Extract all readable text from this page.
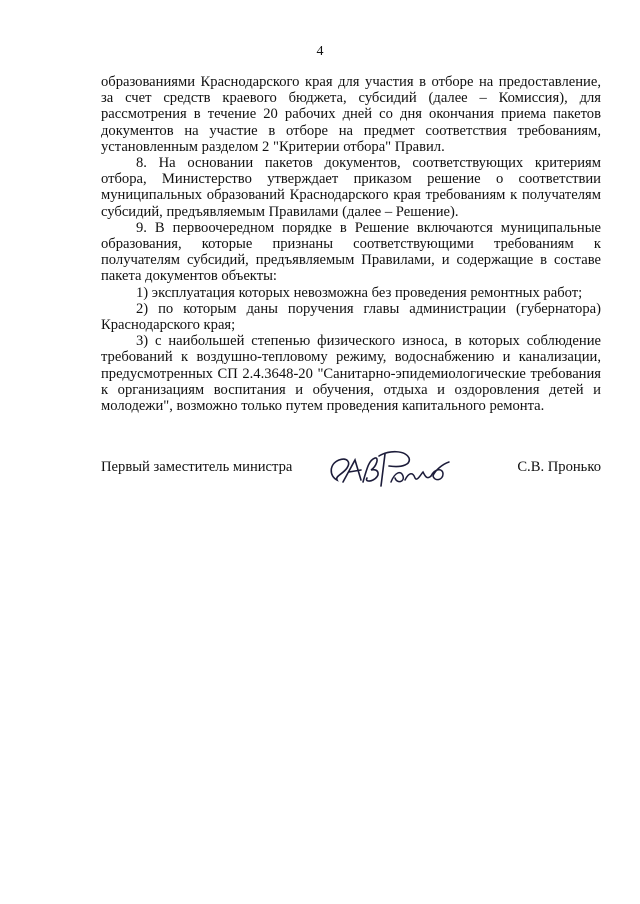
4

образованиями Краснодарского края для участия в отборе на предоставление, за счет средств краевого бюджета, субсидий (далее – Комиссия), для рассмотрения в течение 20 рабочих дней со дня окончания приема пакетов документов на участие в отборе на предмет соответствия требованиям, установленным разделом 2 "Критерии отбора" Правил.

8. На основании пакетов документов, соответствующих критериям отбора, Министерство утверждает приказом решение о соответствии муниципальных образований Краснодарского края требованиям к получателям субсидий, предъявляемым Правилами (далее – Решение).

9. В первоочередном порядке в Решение включаются муниципальные образования, которые признаны соответствующими требованиям к получателям субсидий, предъявляемым Правилами, и содержащие в составе пакета документов объекты:

1) эксплуатация которых невозможна без проведения ремонтных работ;

2) по которым даны поручения главы администрации (губернатора) Краснодарского края;

3) с наибольшей степенью физического износа, в которых соблюдение требований к воздушно-тепловому режиму, водоснабжению и канализации, предусмотренных СП 2.4.3648-20 "Санитарно-эпидемиологические требования к организациям воспитания и обучения, отдыха и оздоровления детей и молодежи", возможно только путем проведения капитального ремонта.

Первый заместитель министра	С.В. Пронько
